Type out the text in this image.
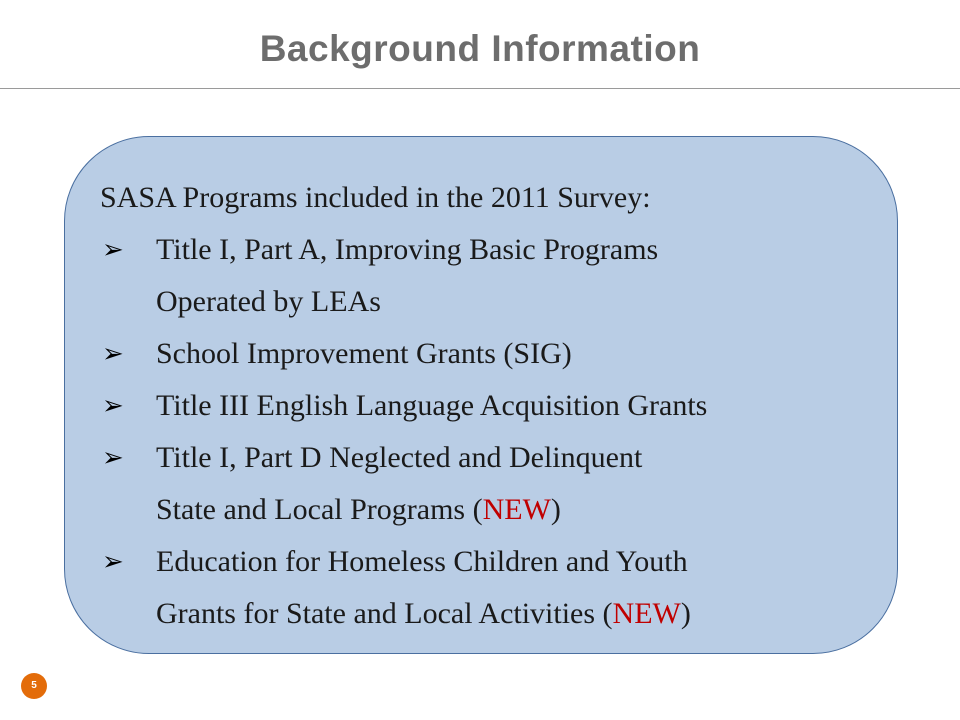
Background Information
SASA Programs included in the 2011 Survey:
➢ Title I, Part A, Improving Basic Programs
Operated by LEAs
➢ School Improvement Grants (SIG)
➢ Title III English Language Acquisition Grants
➢ Title I, Part D Neglected and Delinquent
State and Local Programs (NEW)
➢ Education for Homeless Children and Youth
Grants for State and Local Activities (NEW)
5
